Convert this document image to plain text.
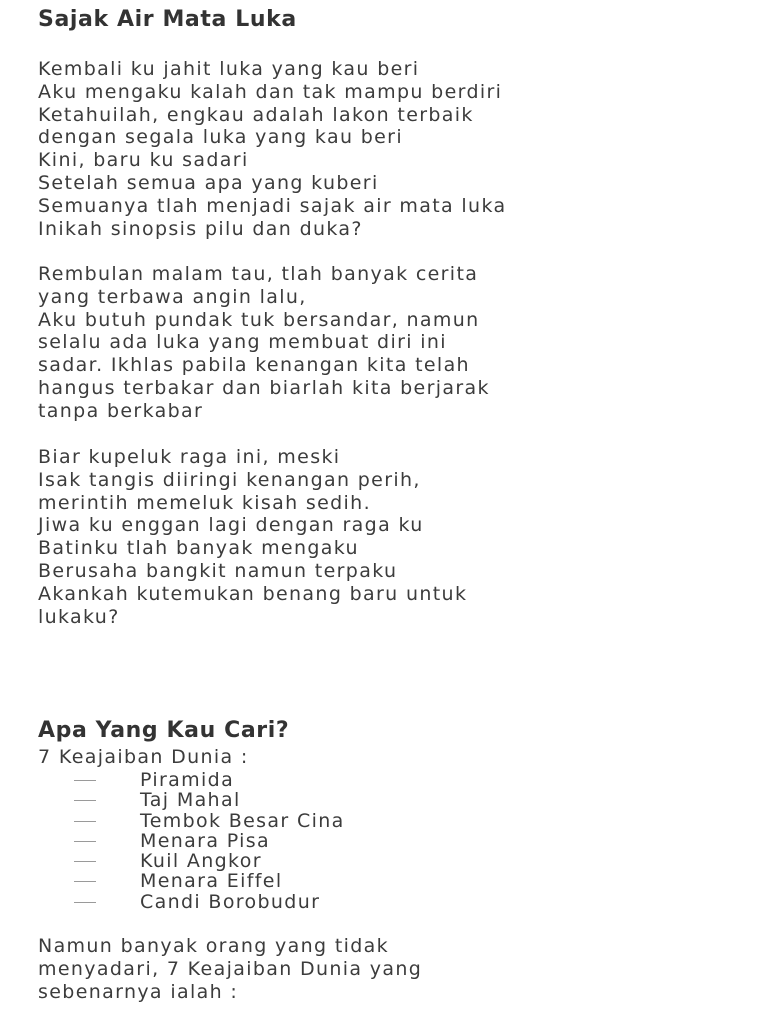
Sajak Air Mata Luka
Kembali ku jahit luka yang kau beri
Aku mengaku kalah dan tak mampu berdiri
Ketahuilah, engkau adalah lakon terbaik
dengan segala luka yang kau beri
Kini, baru ku sadari
Setelah semua apa yang kuberi
Semuanya tlah menjadi sajak air mata luka
Inikah sinopsis pilu dan duka?
Rembulan malam tau, tlah banyak cerita
yang terbawa angin lalu,
Aku butuh pundak tuk bersandar, namun
selalu ada luka yang membuat diri ini
sadar. Ikhlas pabila kenangan kita telah
hangus terbakar dan biarlah kita berjarak
tanpa berkabar
Biar kupeluk raga ini, meski
Isak tangis diiringi kenangan perih,
merintih memeluk kisah sedih.
Jiwa ku enggan lagi dengan raga ku
Batinku tlah banyak mengaku
Berusaha bangkit namun terpaku
Akankah kutemukan benang baru untuk
lukaku?
Apa Yang Kau Cari?
7 Keajaiban Dunia :
Piramida
Taj Mahal
Tembok Besar Cina
Menara Pisa
Kuil Angkor
Menara Eiffel
Candi Borobudur
Namun banyak orang yang tidak
menyadari, 7 Keajaiban Dunia yang
sebenarnya ialah :
